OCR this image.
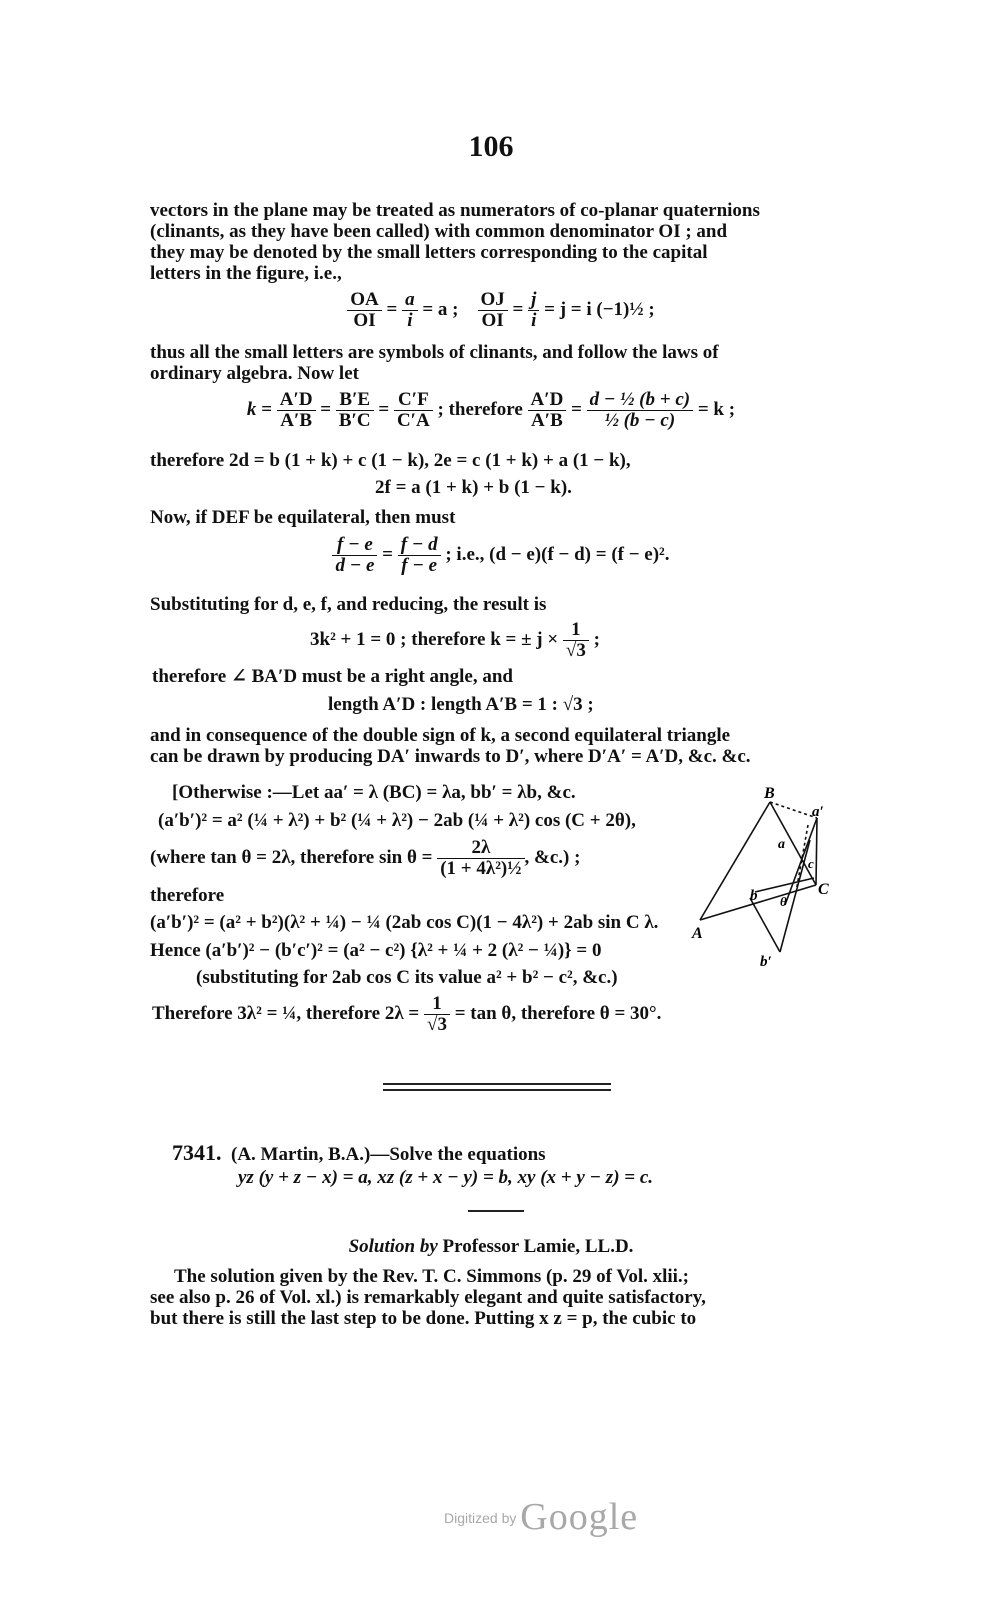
106
vectors in the plane may be treated as numerators of co-planar quaternions
(clinants, as they have been called) with common denominator OI ; and
they may be denoted by the small letters corresponding to the capital
letters in the figure, i.e.,
$\frac{OA}{OI} = \frac{a}{i} = a$ ; $\frac{OJ}{OI} = \frac{j}{i} = j = i$ (−1)½ ;
thus all the small letters are symbols of clinants, and follow the laws of
ordinary algebra. Now let
$k = \frac{A'D}{A'B} = \frac{B'E}{B'C} = \frac{C'F}{C'A}$ ; therefore $\frac{A'D}{A'B} = \frac{\text{d − ½ (b + c)}}{\text{½ (b − c)}} = k$ ;
therefore 2d = b (1 + k) + c (1 − k), 2e = c (1 + k) + a (1 − k),
2f = a (1 + k) + b (1 − k).
Now, if DEF be equilateral, then must
$\frac{f - e}{d - e} = \frac{f - d}{f - e}$ ; i.e., (d − e)(f − d) = (f − e)².
Substituting for d, e, f, and reducing, the result is
3k² + 1 = 0 ; therefore k = ± $j \times \frac{1}{√3}$ ;
therefore ∠ BA′D must be a right angle, and
length A′D : length A′B = 1 : √3 ;
and in consequence of the double sign of k, a second equilateral triangle
can be drawn by producing DA′ inwards to D′, where D′A′ = A′D, &c. &c.
[Otherwise :—Let aa′ = λ (BC) = λa, bb′ = λb, &c.
(a′b′)² = a² (¼ + λ²) + b² (¼ + λ²) − 2ab (¼ + λ²) cos (C + 2θ),
(where tan θ = 2λ, therefore $\sin \theta = \frac{2\lambda}{\text{(1 + 4λ²)½}}$ , &c.) ;
therefore
(a′b′)² = (a² + b²)(λ² + ¼) − ¼ (2ab cos C)(1 − 4λ²) + 2ab sin C λ.
Hence (a′b′)² − (b′c′)² = (a² − c²) {λ² + ¼ + 2 (λ² − ¼)} = 0
(substituting for 2ab cos C its value a² + b² − c², &c.)
Therefore 3λ² = ¼, therefore $2\lambda = \frac{1}{√3} = \tan \theta$, therefore θ = 30°.
B
a′
a
C
b θ
c
A
b′
7341. (A. Martin, B.A.)—Solve the equations
yz (y + z − x) = a, xz (z + x − y) = b, xy (x + y − z) = c.
Solution by Professor Lamie, LL.D.
The solution given by the Rev. T. C. Simmons (p. 29 of Vol. xlii.;
see also p. 26 of Vol. xl.) is remarkably elegant and quite satisfactory,
but there is still the last step to be done. Putting x z = p, the cubic to
Digitized by Google
